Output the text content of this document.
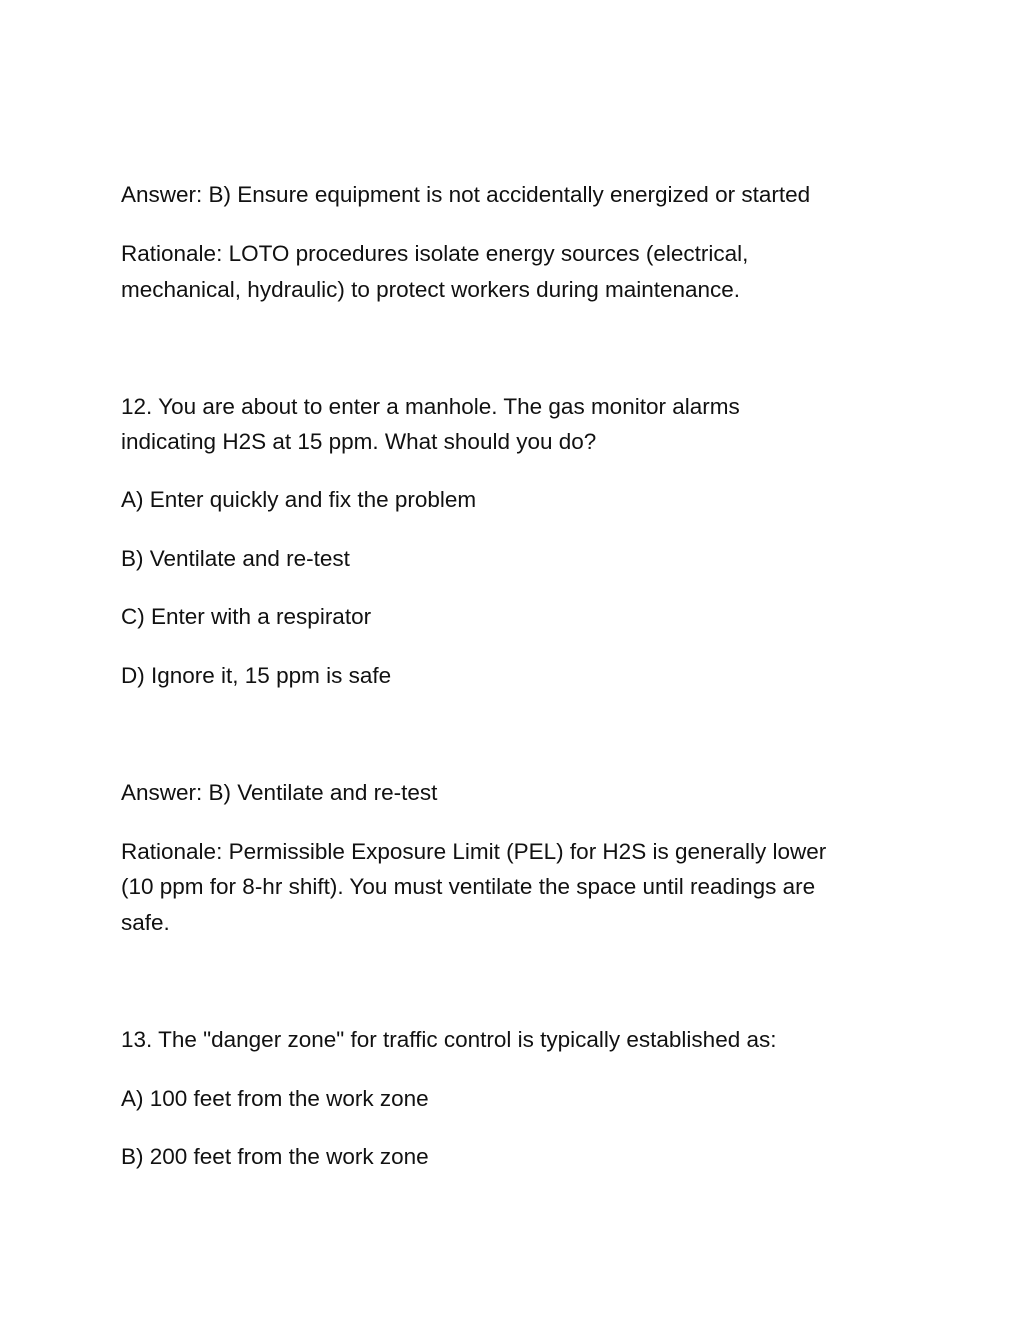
Answer: B) Ensure equipment is not accidentally energized or started
Rationale: LOTO procedures isolate energy sources (electrical,
mechanical, hydraulic) to protect workers during maintenance.
12. You are about to enter a manhole. The gas monitor alarms
indicating H2S at 15 ppm. What should you do?
A) Enter quickly and fix the problem
B) Ventilate and re-test
C) Enter with a respirator
D) Ignore it, 15 ppm is safe
Answer: B) Ventilate and re-test
Rationale: Permissible Exposure Limit (PEL) for H2S is generally lower
(10 ppm for 8-hr shift). You must ventilate the space until readings are
safe.
13. The "danger zone" for traffic control is typically established as:
A) 100 feet from the work zone
B) 200 feet from the work zone
